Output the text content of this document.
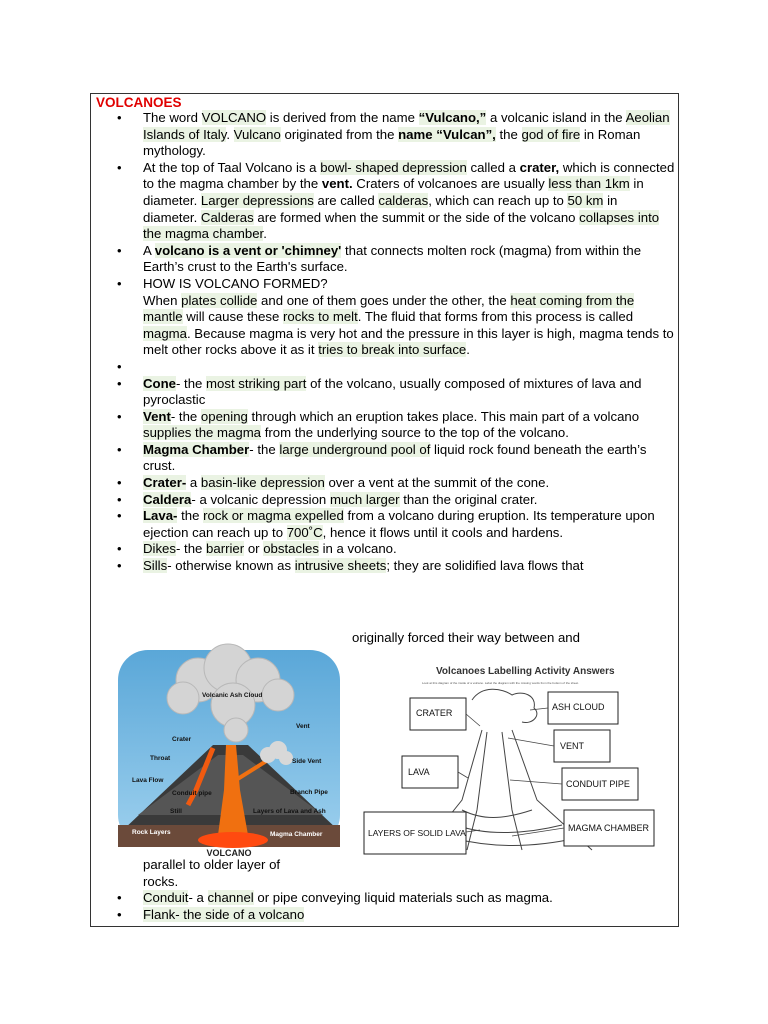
VOLCANOES
• The word VOLCANO is derived from the name “Vulcano,” a volcanic island in the Aeolian Islands of Italy. Vulcano originated from the name “Vulcan”, the god of fire in Roman mythology.
• At the top of Taal Volcano is a bowl- shaped depression called a crater, which is connected to the magma chamber by the vent. Craters of volcanoes are usually less than 1km in diameter. Larger depressions are called calderas, which can reach up to 50 km in diameter. Calderas are formed when the summit or the side of the volcano collapses into the magma chamber.
• A volcano is a vent or 'chimney' that connects molten rock (magma) from within the Earth’s crust to the Earth's surface.
• HOW IS VOLCANO FORMED?
When plates collide and one of them goes under the other, the heat coming from the mantle will cause these rocks to melt. The fluid that forms from this process is called magma. Because magma is very hot and the pressure in this layer is high, magma tends to melt other rocks above it as it tries to break into surface.
•
• Cone- the most striking part of the volcano, usually composed of mixtures of lava and pyroclastic
• Vent- the opening through which an eruption takes place. This main part of a volcano supplies the magma from the underlying source to the top of the volcano.
• Magma Chamber- the large underground pool of liquid rock found beneath the earth’s crust.
• Crater- a basin-like depression over a vent at the summit of the cone.
• Caldera- a volcanic depression much larger than the original crater.
• Lava- the rock or magma expelled from a volcano during eruption. Its temperature upon ejection can reach up to 700˚C, hence it flows until it cools and hardens.
• Dikes- the barrier or obstacles in a volcano.
• Sills- otherwise known as intrusive sheets; they are solidified lava flows that
originally forced their way between and
Volcanic Ash Cloud
Vent
Crater
Throat	Side Vent
Lava Flow
Conduit pipe	Branch Pipe
Still	Layers of Lava and Ash
Rock Layers	Magma Chamber
VOLCANO
Volcanoes Labelling Activity Answers
Look at this diagram of the inside of a volcano. Label the diagram with the missing words from the bottom of the sheet.
CRATER
ASH CLOUD
VENT
LAVA
CONDUIT PIPE
MAGMA CHAMBER
LAYERS OF SOLID LAVA
parallel to older layer of
rocks.
• Conduit- a channel or pipe conveying liquid materials such as magma.
• Flank- the side of a volcano
